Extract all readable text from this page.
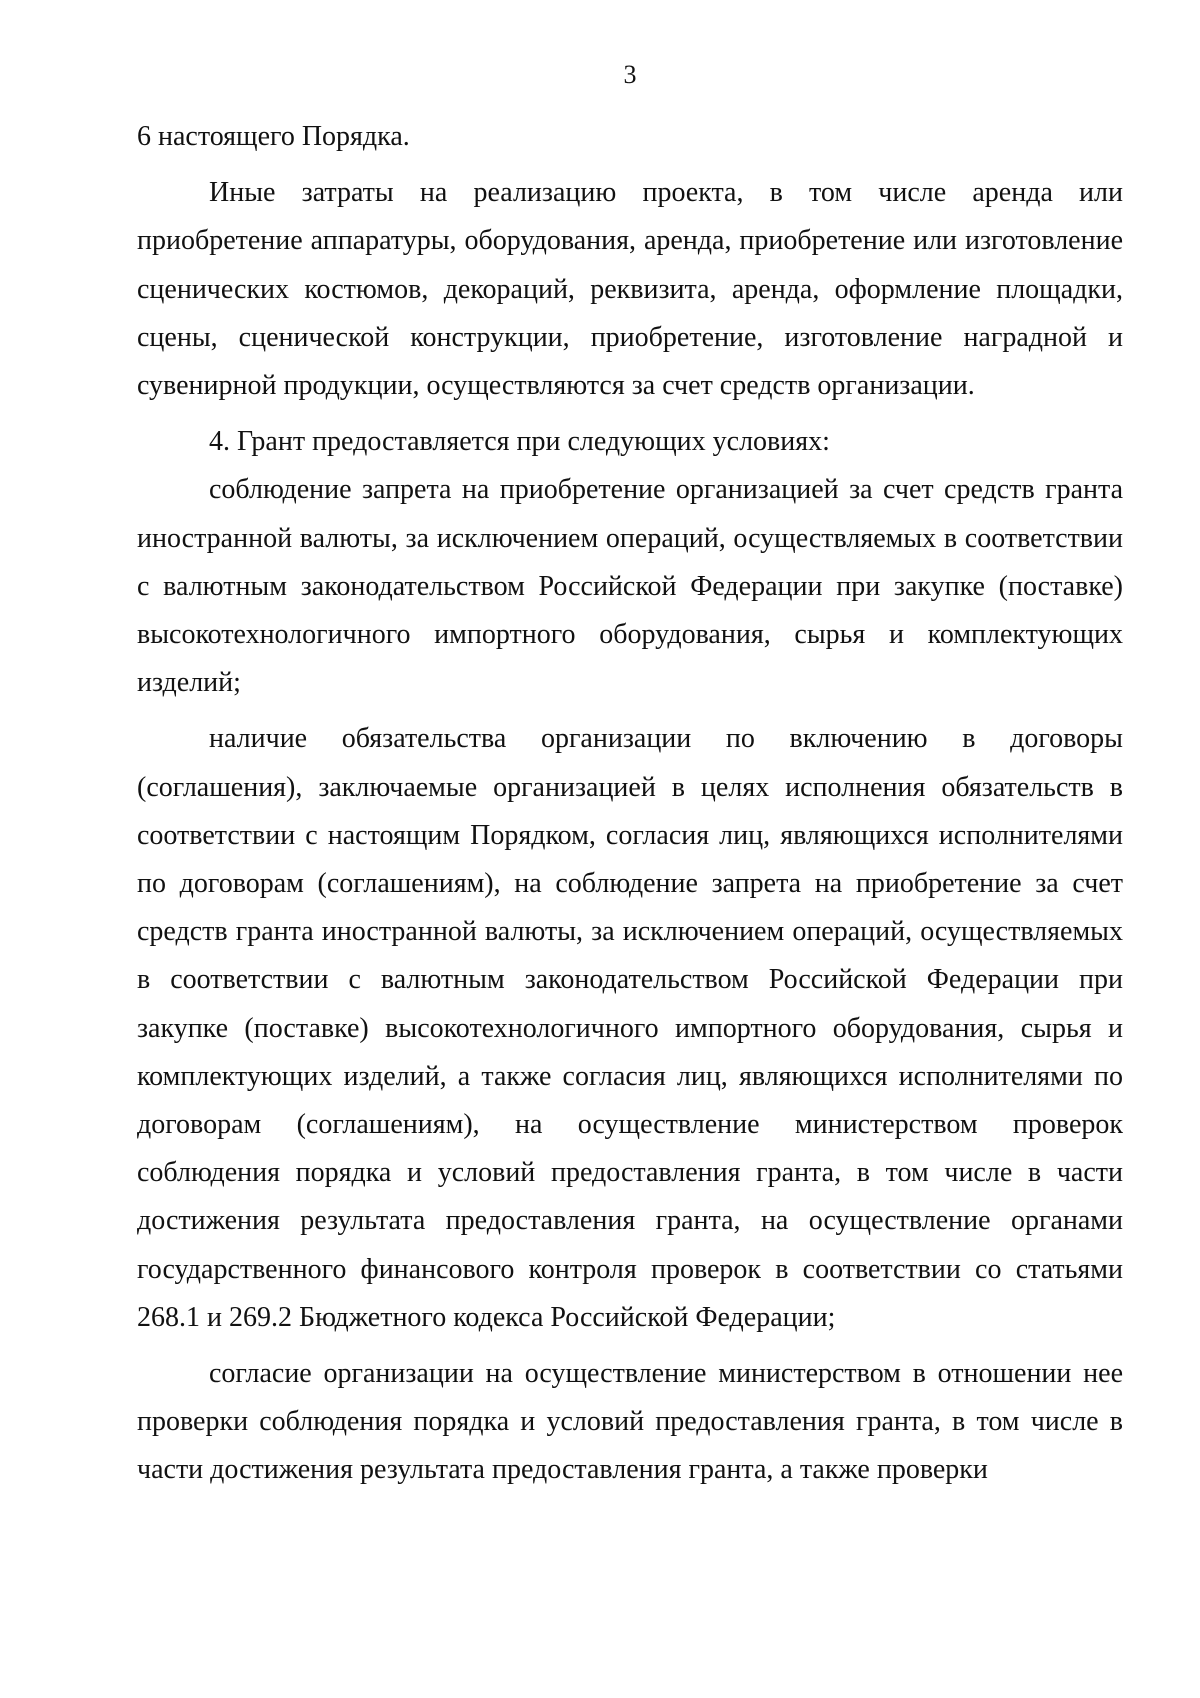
3

6 настоящего Порядка.

Иные затраты на реализацию проекта, в том числе аренда или приобретение аппаратуры, оборудования, аренда, приобретение или изготовление сценических костюмов, декораций, реквизита, аренда, оформление площадки, сцены, сценической конструкции, приобретение, изготовление наградной и сувенирной продукции, осуществляются за счет средств организации.

4. Грант предоставляется при следующих условиях:

соблюдение запрета на приобретение организацией за счет средств гранта иностранной валюты, за исключением операций, осуществляемых в соответствии с валютным законодательством Российской Федерации при закупке (поставке) высокотехнологичного импортного оборудования, сырья и комплектующих изделий;

наличие обязательства организации по включению в договоры (соглашения), заключаемые организацией в целях исполнения обязательств в соответствии с настоящим Порядком, согласия лиц, являющихся исполнителями по договорам (соглашениям), на соблюдение запрета на приобретение за счет средств гранта иностранной валюты, за исключением операций, осуществляемых в соответствии с валютным законодательством Российской Федерации при закупке (поставке) высокотехнологичного импортного оборудования, сырья и комплектующих изделий, а также согласия лиц, являющихся исполнителями по договорам (соглашениям), на осуществление министерством проверок соблюдения порядка и условий предоставления гранта, в том числе в части достижения результата предоставления гранта, на осуществление органами государственного финансового контроля проверок в соответствии со статьями 268.1 и 269.2 Бюджетного кодекса Российской Федерации;

согласие организации на осуществление министерством в отношении нее проверки соблюдения порядка и условий предоставления гранта, в том числе в части достижения результата предоставления гранта, а также проверки
